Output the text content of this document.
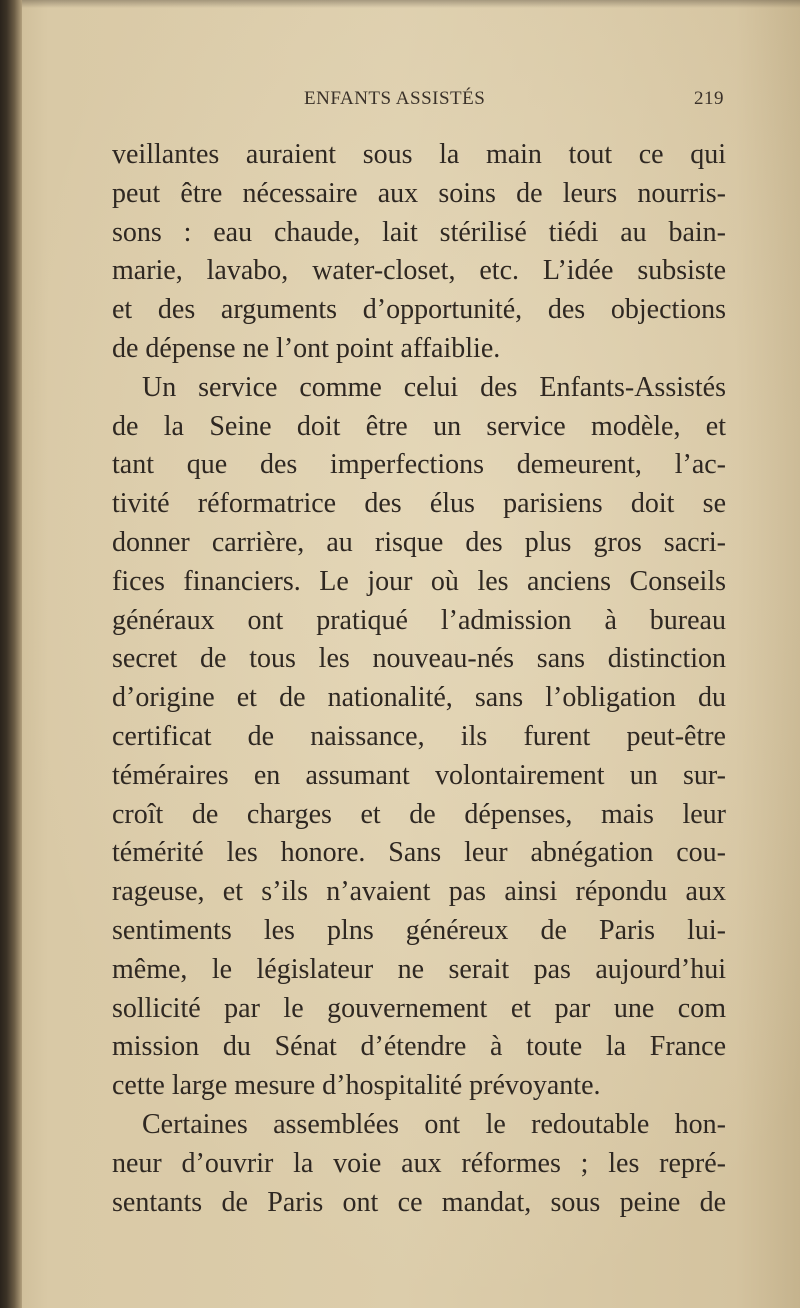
ENFANTS ASSISTÉS	219
veillantes auraient sous la main tout ce qui
peut être nécessaire aux soins de leurs nourris-
sons : eau chaude, lait stérilisé tiédi au bain-
marie, lavabo, water-closet, etc. L’idée subsiste
et des arguments d’opportunité, des objections
de dépense ne l’ont point affaiblie.
Un service comme celui des Enfants-Assistés
de la Seine doit être un service modèle, et
tant que des imperfections demeurent, l’ac-
tivité réformatrice des élus parisiens doit se
donner carrière, au risque des plus gros sacri-
fices financiers. Le jour où les anciens Conseils
généraux ont pratiqué l’admission à bureau
secret de tous les nouveau-nés sans distinction
d’origine et de nationalité, sans l’obligation du
certificat de naissance, ils furent peut-être
téméraires en assumant volontairement un sur-
croît de charges et de dépenses, mais leur
témérité les honore. Sans leur abnégation cou-
rageuse, et s’ils n’avaient pas ainsi répondu aux
sentiments les plns généreux de Paris lui-
même, le législateur ne serait pas aujourd’hui
sollicité par le gouvernement et par une com
mission du Sénat d’étendre à toute la France
cette large mesure d’hospitalité prévoyante.
Certaines assemblées ont le redoutable hon-
neur d’ouvrir la voie aux réformes ; les repré-
sentants de Paris ont ce mandat, sous peine de
